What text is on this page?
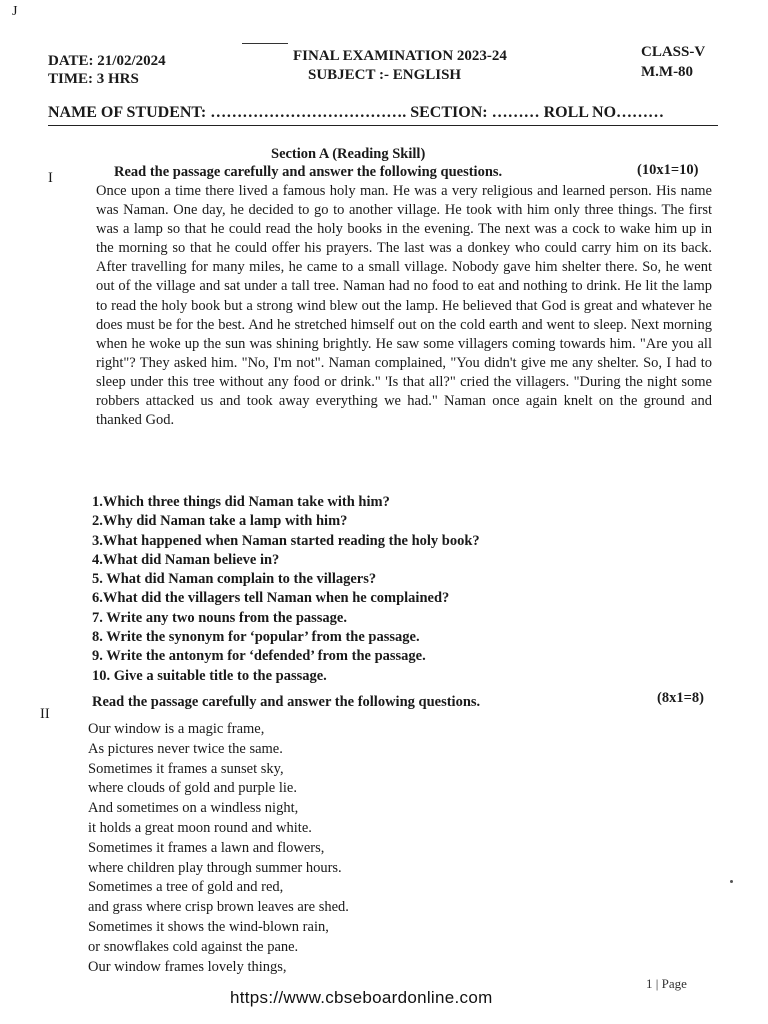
J
DATE: 21/02/2024
TIME: 3 HRS
FINAL EXAMINATION 2023-24
SUBJECT :- ENGLISH
CLASS-V
M.M-80
NAME OF STUDENT: ………………………………. SECTION: ……… ROLL NO………
Section A (Reading Skill)
I	Read the passage carefully and answer the following questions.	(10x1=10)
Once upon a time there lived a famous holy man. He was a very religious and learned person. His name was Naman. One day, he decided to go to another village. He took with him only three things. The first was a lamp so that he could read the holy books in the evening. The next was a cock to wake him up in the morning so that he could offer his prayers. The last was a donkey who could carry him on its back. After travelling for many miles, he came to a small village. Nobody gave him shelter there. So, he went out of the village and sat under a tall tree. Naman had no food to eat and nothing to drink. He lit the lamp to read the holy book but a strong wind blew out the lamp. He believed that God is great and whatever he does must be for the best. And he stretched himself out on the cold earth and went to sleep. Next morning when he woke up the sun was shining brightly. He saw some villagers coming towards him. "Are you all right"? They asked him. "No, I'm not". Naman complained, "You didn't give me any shelter. So, I had to sleep under this tree without any food or drink." 'Is that all?" cried the villagers. "During the night some robbers attacked us and took away everything we had." Naman once again knelt on the ground and thanked God.
1.Which three things did Naman take with him?
2.Why did Naman take a lamp with him?
3.What happened when Naman started reading the holy book?
4.What did Naman believe in?
5. What did Naman complain to the villagers?
6.What did the villagers tell Naman when he complained?
7. Write any two nouns from the passage.
8. Write the synonym for ‘popular’ from the passage.
9. Write the antonym for ‘defended’ from the passage.
10. Give a suitable title to the passage.
II
Read the passage carefully and answer the following questions.	(8x1=8)
Our window is a magic frame,
As pictures never twice the same.
Sometimes it frames a sunset sky,
where clouds of gold and purple lie.
And sometimes on a windless night,
it holds a great moon round and white.
Sometimes it frames a lawn and flowers,
where children play through summer hours.
Sometimes a tree of gold and red,
and grass where crisp brown leaves are shed.
Sometimes it shows the wind-blown rain,
or snowflakes cold against the pane.
Our window frames lovely things,
1 | Page
https://www.cbseboardonline.com
